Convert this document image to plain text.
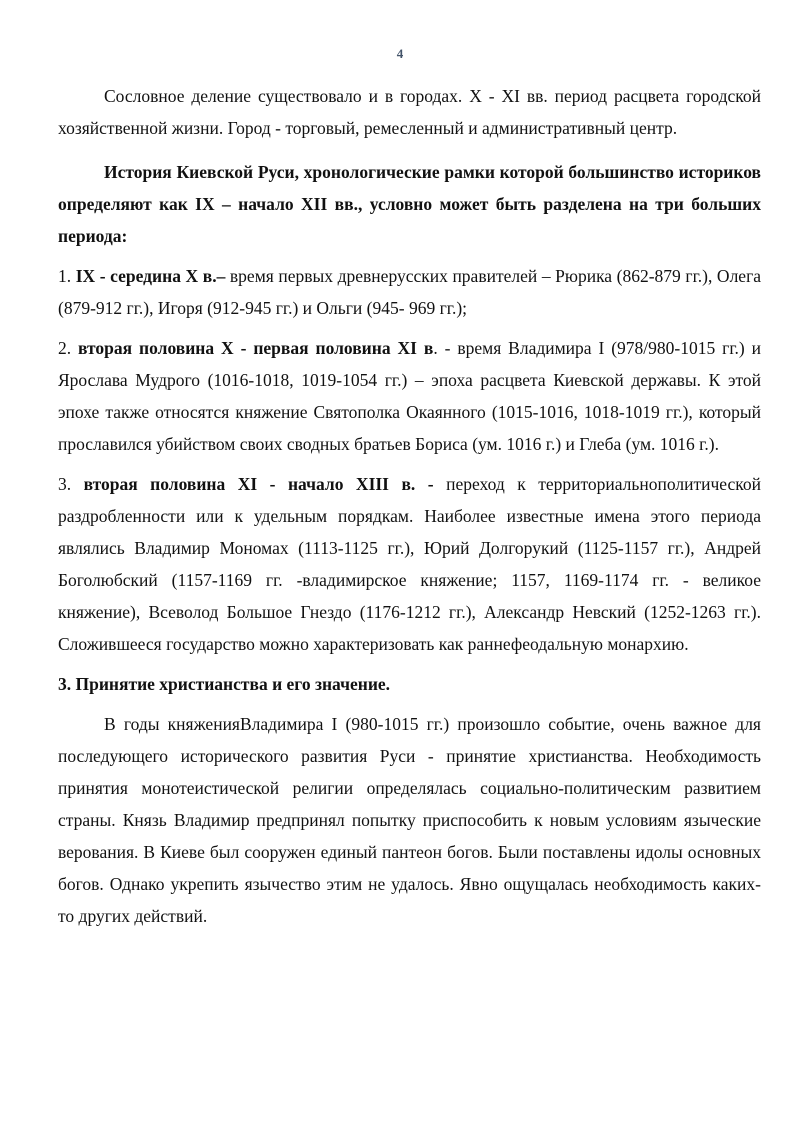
4

Сословное деление существовало и в городах. Х - XI вв. период расцвета городской хозяйственной жизни. Город - торговый, ремесленный и административный центр.

История Киевской Руси, хронологические рамки которой большинство историков определяют как IX – начало XII вв., условно может быть разделена на три больших периода:

1. IX - середина X в.– время первых древнерусских правителей – Рюрика (862-879 гг.), Олега (879-912 гг.), Игоря (912-945 гг.) и Ольги (945- 969 гг.);

2. вторая половина X - первая половина XI в. - время Владимира I (978/980-1015 гг.) и Ярослава Мудрого (1016-1018, 1019-1054 гг.) – эпоха расцвета Киевской державы. К этой эпохе также относятся княжение Святополка Окаянного (1015-1016, 1018-1019 гг.), который прославился убийством своих сводных братьев Бориса (ум. 1016 г.) и Глеба (ум. 1016 г.).

3. вторая половина XI - начало XIII в. - переход к территориальнополитической раздробленности или к удельным порядкам. Наиболее известные имена этого периода являлись Владимир Мономах (1113-1125 гг.), Юрий Долгорукий (1125-1157 гг.), Андрей Боголюбский (1157-1169 гг. -владимирское княжение; 1157, 1169-1174 гг. - великое княжение), Всеволод Большое Гнездо (1176-1212 гг.), Александр Невский (1252-1263 гг.). Сложившееся государство можно характеризовать как раннефеодальную монархию.

3. Принятие христианства и его значение.

В годы княженияВладимира I (980-1015 гг.) произошло событие, очень важное для последующего исторического развития Руси - принятие христианства. Необходимость принятия монотеистической религии определялась социально-политическим развитием страны. Князь Владимир предпринял попытку приспособить к новым условиям языческие верования. В Киеве был сооружен единый пантеон богов. Были поставлены идолы основных богов. Однако укрепить язычество этим не удалось. Явно ощущалась необходимость каких-то других действий.
